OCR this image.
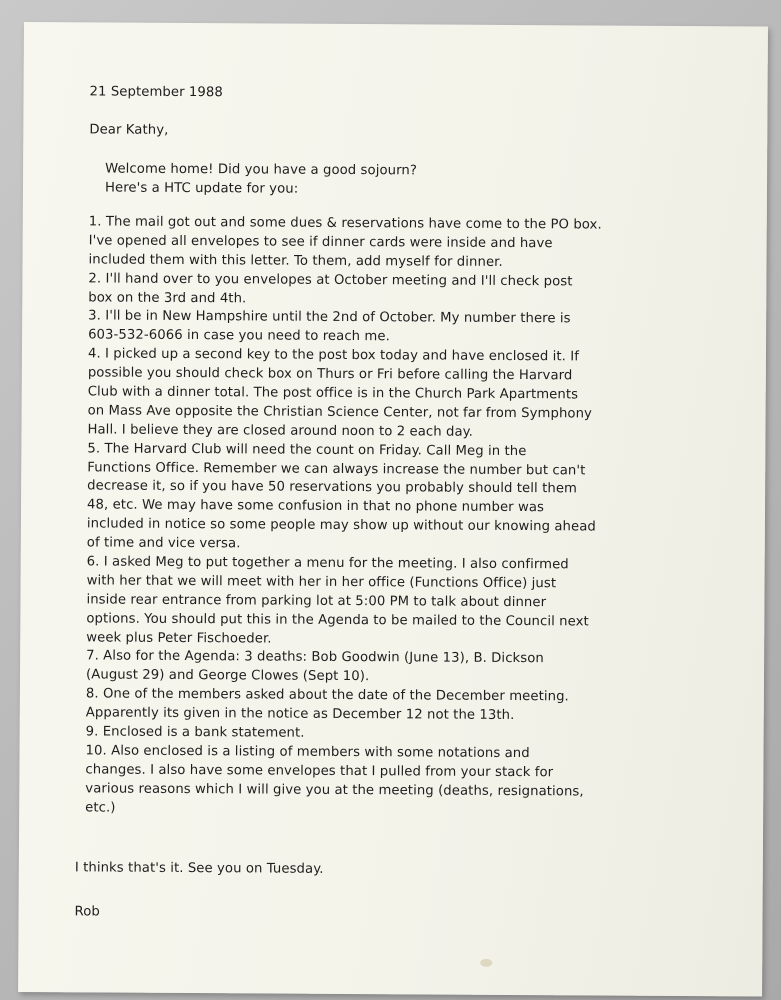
21 September 1988
Dear Kathy,
Welcome home! Did you have a good sojourn?
Here's a HTC update for you:
1. The mail got out and some dues & reservations have come to the PO box.
I've opened all envelopes to see if dinner cards were inside and have
included them with this letter. To them, add myself for dinner.
2. I'll hand over to you envelopes at October meeting and I'll check post
box on the 3rd and 4th.
3. I'll be in New Hampshire until the 2nd of October. My number there is
603-532-6066 in case you need to reach me.
4. I picked up a second key to the post box today and have enclosed it. If
possible you should check box on Thurs or Fri before calling the Harvard
Club with a dinner total. The post office is in the Church Park Apartments
on Mass Ave opposite the Christian Science Center, not far from Symphony
Hall. I believe they are closed around noon to 2 each day.
5. The Harvard Club will need the count on Friday. Call Meg in the
Functions Office. Remember we can always increase the number but can't
decrease it, so if you have 50 reservations you probably should tell them
48, etc. We may have some confusion in that no phone number was
included in notice so some people may show up without our knowing ahead
of time and vice versa.
6. I asked Meg to put together a menu for the meeting. I also confirmed
with her that we will meet with her in her office (Functions Office) just
inside rear entrance from parking lot at 5:00 PM to talk about dinner
options. You should put this in the Agenda to be mailed to the Council next
week plus Peter Fischoeder.
7. Also for the Agenda: 3 deaths: Bob Goodwin (June 13), B. Dickson
(August 29) and George Clowes (Sept 10).
8. One of the members asked about the date of the December meeting.
Apparently its given in the notice as December 12 not the 13th.
9. Enclosed is a bank statement.
10. Also enclosed is a listing of members with some notations and
changes. I also have some envelopes that I pulled from your stack for
various reasons which I will give you at the meeting (deaths, resignations,
etc.)
I thinks that's it. See you on Tuesday.
Rob
